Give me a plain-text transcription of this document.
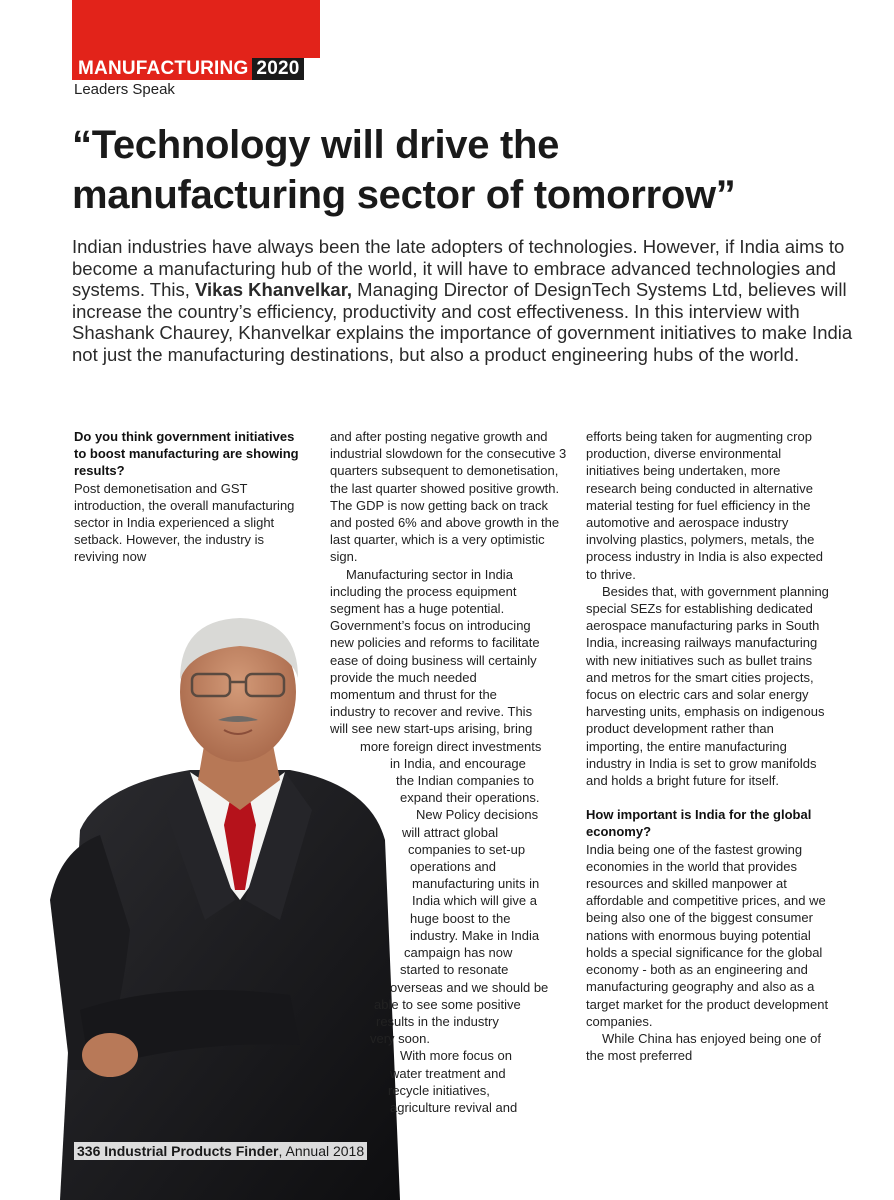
MANUFACTURING 2020
Leaders Speak
“Technology will drive the
manufacturing sector of tomorrow”

Indian industries have always been the late adopters of technologies. However, if India aims to become a manufacturing hub of the world, it will have to embrace advanced technologies and systems. This, Vikas Khanvelkar, Managing Director of DesignTech Systems Ltd, believes will increase the country’s efficiency, productivity and cost effectiveness. In this interview with Shashank Chaurey, Khanvelkar explains the importance of government initiatives to make India not just the manufacturing destinations, but also a product engineering hubs of the world.

Do you think government initiatives to boost manufacturing are showing results?

Post demonetisation and GST introduction, the overall manufacturing sector in India experienced a slight setback. However, the industry is reviving now

and after posting negative growth and industrial slowdown for the consecutive 3 quarters subsequent to demonetisation, the last quarter showed positive growth. The GDP is now getting back on track and posted 6% and above growth in the last quarter, which is a very optimistic sign.

Manufacturing sector in India

including the process equipment

segment has a huge potential.

Government’s focus on introducing

new policies and reforms to facilitate

ease of doing business will certainly

provide the much needed

momentum and thrust for the

industry to recover and revive. This

will see new start-ups arising, bring

more foreign direct investments

in India, and encourage

the Indian companies to

expand their operations.

New Policy decisions

will attract global

companies to set-up

operations and

manufacturing units in

India which will give a

huge boost to the

industry. Make in India

campaign has now

started to resonate

overseas and we should be

able to see some positive

results in the industry

very soon.

With more focus on

water treatment and

recycle initiatives,

agriculture revival and

efforts being taken for augmenting crop production, diverse environmental initiatives being undertaken, more research being conducted in alternative material testing for fuel efficiency in the automotive and aerospace industry involving plastics, polymers, metals, the process industry in India is also expected to thrive.

Besides that, with government planning special SEZs for establishing dedicated aerospace manufacturing parks in South India, increasing railways manufacturing with new initiatives such as bullet trains and metros for the smart cities projects, focus on electric cars and solar energy harvesting units, emphasis on indigenous product development rather than importing, the entire manufacturing industry in India is set to grow manifolds and holds a bright future for itself.

How important is India for the global economy?

India being one of the fastest growing economies in the world that provides resources and skilled manpower at affordable and competitive prices, and we being also one of the biggest consumer nations with enormous buying potential holds a special significance for the global economy - both as an engineering and manufacturing geography and also as a target market for the product development companies.

While China has enjoyed being one of the most preferred

336 Industrial Products Finder, Annual 2018
